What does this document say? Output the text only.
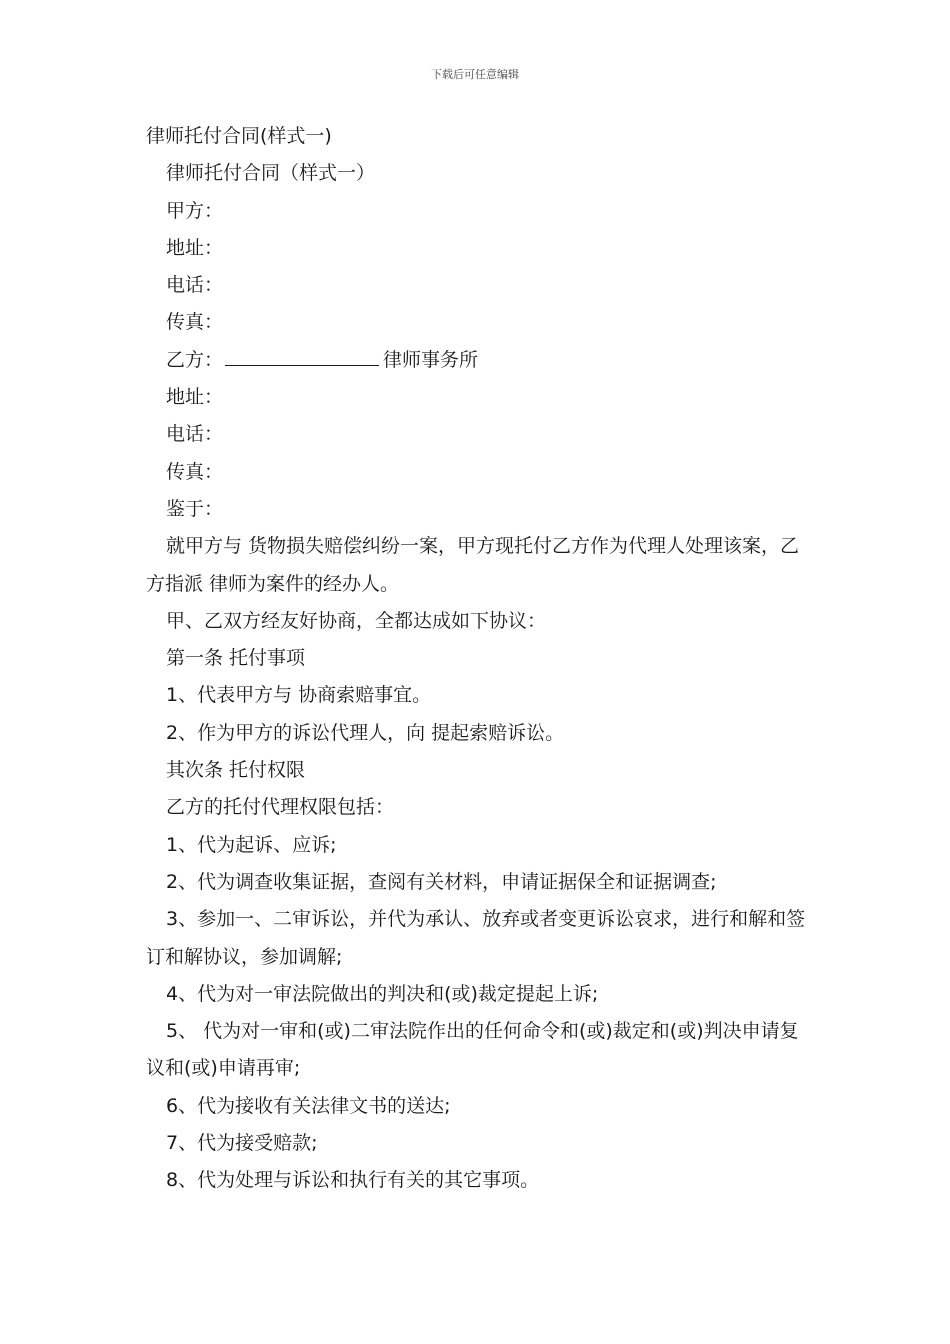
下载后可任意编辑

律师托付合同(样式一)

律师托付合同（样式一）

甲方：

地址：

电话：

传真：

乙方：	律师事务所

地址：

电话：

传真：

鉴于：

就甲方与 货物损失赔偿纠纷一案，甲方现托付乙方作为代理人处理该案，乙方指派 律师为案件的经办人。

甲、乙双方经友好协商，全都达成如下协议：

第一条 托付事项

1、代表甲方与 协商索赔事宜。

2、作为甲方的诉讼代理人，向 提起索赔诉讼。

其次条 托付权限

乙方的托付代理权限包括：

1、代为起诉、应诉;

2、代为调查收集证据，查阅有关材料，申请证据保全和证据调查;

3、参加一、二审诉讼，并代为承认、放弃或者变更诉讼哀求，进行和解和签订和解协议，参加调解;

4、代为对一审法院做出的判决和(或)裁定提起上诉;

5、 代为对一审和(或)二审法院作出的任何命令和(或)裁定和(或)判决申请复议和(或)申请再审;

6、代为接收有关法律文书的送达;

7、代为接受赔款;

8、代为处理与诉讼和执行有关的其它事项。
